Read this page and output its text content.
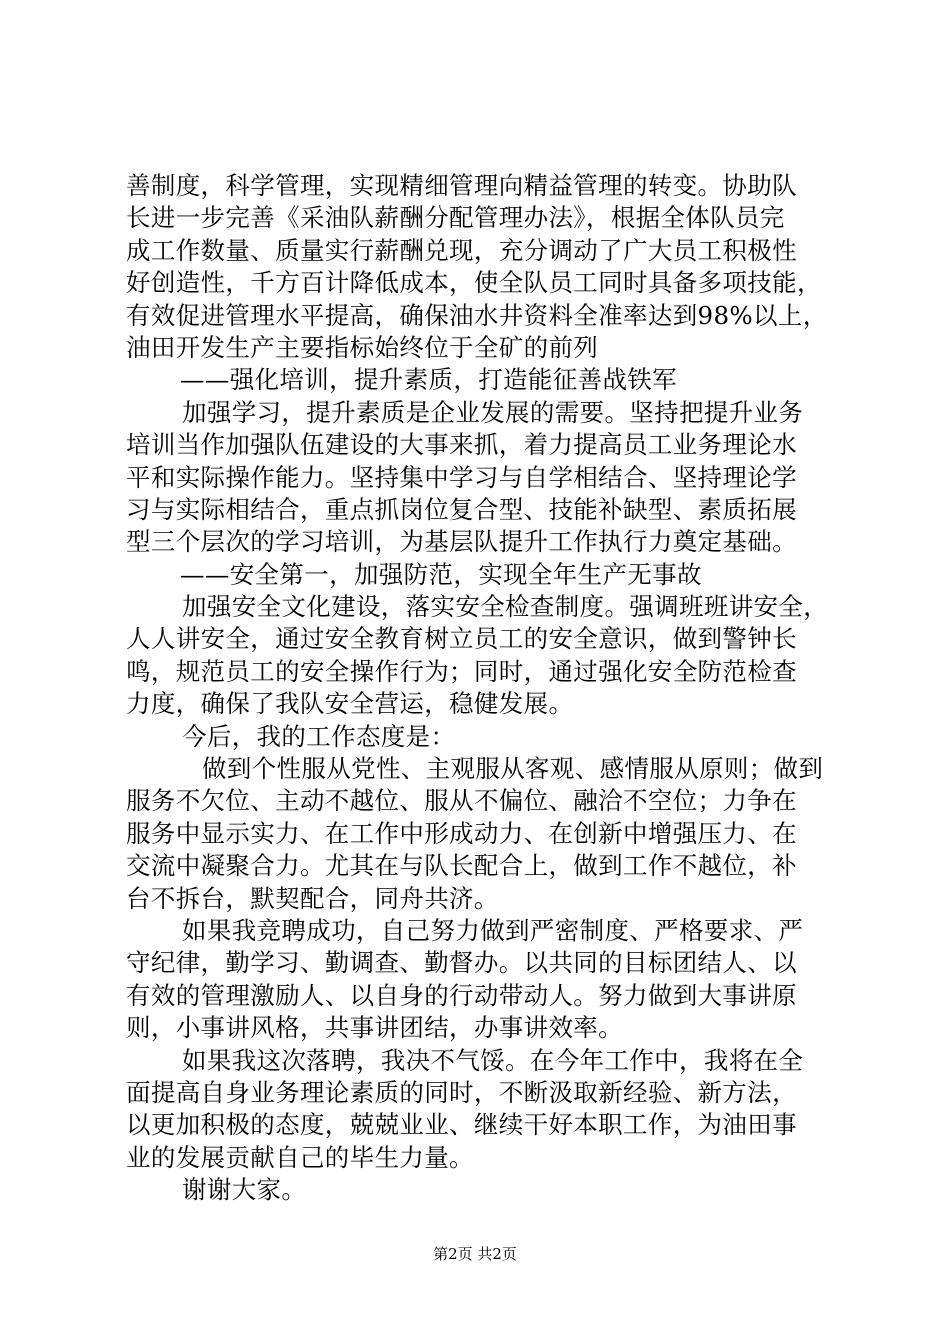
善制度，科学管理，实现精细管理向精益管理的转变。协助队
长进一步完善《采油队薪酬分配管理办法》，根据全体队员完
成工作数量、质量实行薪酬兑现，充分调动了广大员工积极性
好创造性，千方百计降低成本，使全队员工同时具备多项技能，
有效促进管理水平提高，确保油水井资料全准率达到98%以上，
油田开发生产主要指标始终位于全矿的前列
——强化培训，提升素质，打造能征善战铁军
加强学习，提升素质是企业发展的需要。坚持把提升业务
培训当作加强队伍建设的大事来抓，着力提高员工业务理论水
平和实际操作能力。坚持集中学习与自学相结合、坚持理论学
习与实际相结合，重点抓岗位复合型、技能补缺型、素质拓展
型三个层次的学习培训，为基层队提升工作执行力奠定基础。
——安全第一，加强防范，实现全年生产无事故
加强安全文化建设，落实安全检查制度。强调班班讲安全，
人人讲安全，通过安全教育树立员工的安全意识，做到警钟长
鸣，规范员工的安全操作行为；同时，通过强化安全防范检查
力度，确保了我队安全营运，稳健发展。
今后，我的工作态度是：
做到个性服从党性、主观服从客观、感情服从原则；做到
服务不欠位、主动不越位、服从不偏位、融洽不空位；力争在
服务中显示实力、在工作中形成动力、在创新中增强压力、在
交流中凝聚合力。尤其在与队长配合上，做到工作不越位，补
台不拆台，默契配合，同舟共济。
如果我竞聘成功，自己努力做到严密制度、严格要求、严
守纪律，勤学习、勤调查、勤督办。以共同的目标团结人、以
有效的管理激励人、以自身的行动带动人。努力做到大事讲原
则，小事讲风格，共事讲团结，办事讲效率。
如果我这次落聘，我决不气馁。在今年工作中，我将在全
面提高自身业务理论素质的同时，不断汲取新经验、新方法，
以更加积极的态度，兢兢业业、继续干好本职工作，为油田事
业的发展贡献自己的毕生力量。
谢谢大家。
第2页 共2页
